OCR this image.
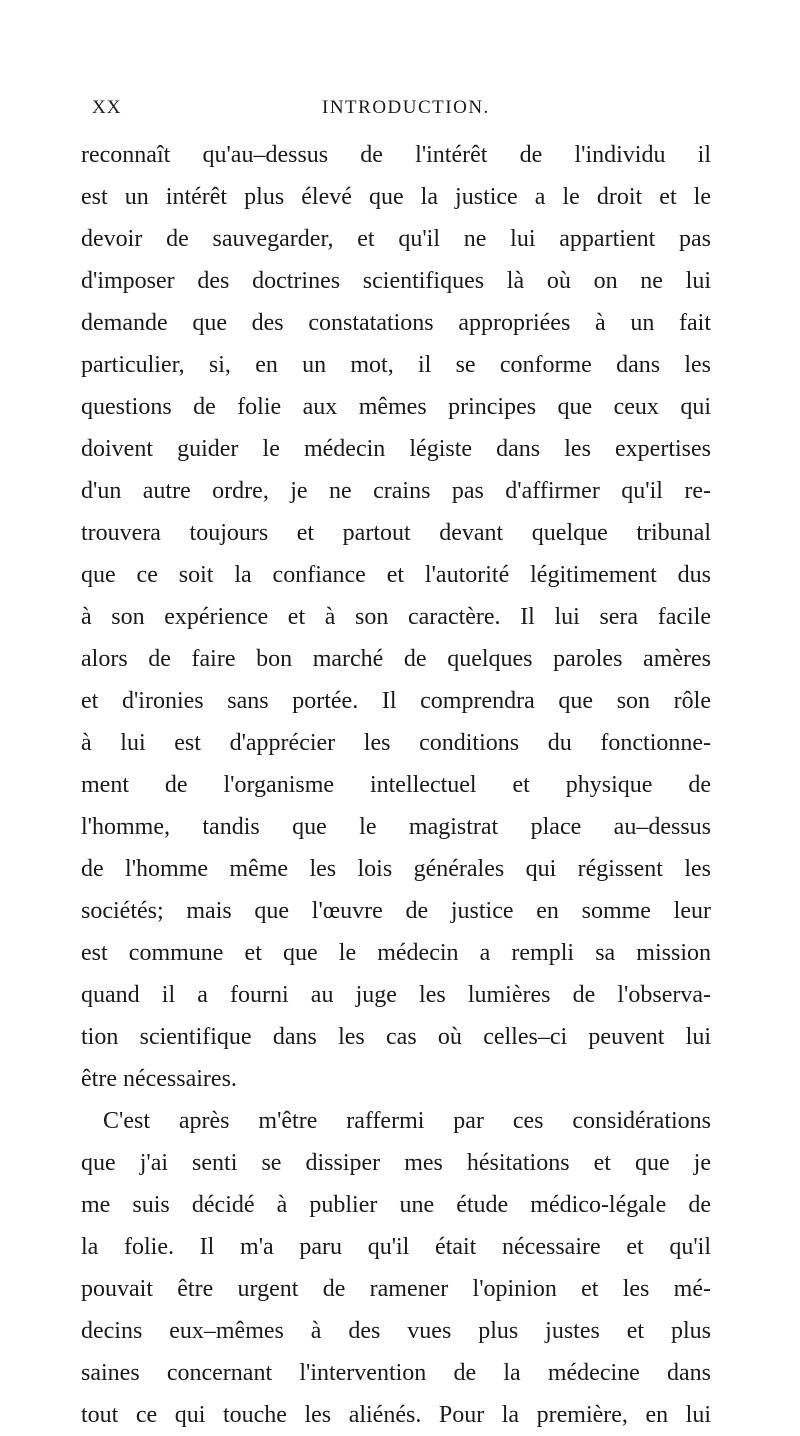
XX	INTRODUCTION.
reconnaît qu'au–dessus de l'intérêt de l'individu il
est un intérêt plus élevé que la justice a le droit et le
devoir de sauvegarder, et qu'il ne lui appartient pas
d'imposer des doctrines scientifiques là où on ne lui
demande que des constatations appropriées à un fait
particulier, si, en un mot, il se conforme dans les
questions de folie aux mêmes principes que ceux qui
doivent guider le médecin légiste dans les expertises
d'un autre ordre, je ne crains pas d'affirmer qu'il re-
trouvera toujours et partout devant quelque tribunal
que ce soit la confiance et l'autorité légitimement dus
à son expérience et à son caractère. Il lui sera facile
alors de faire bon marché de quelques paroles amères
et d'ironies sans portée. Il comprendra que son rôle
à lui est d'apprécier les conditions du fonctionne-
ment de l'organisme intellectuel et physique de
l'homme, tandis que le magistrat place au–dessus
de l'homme même les lois générales qui régissent les
sociétés; mais que l'œuvre de justice en somme leur
est commune et que le médecin a rempli sa mission
quand il a fourni au juge les lumières de l'observa-
tion scientifique dans les cas où celles–ci peuvent lui
être nécessaires.
C'est après m'être raffermi par ces considérations
que j'ai senti se dissiper mes hésitations et que je
me suis décidé à publier une étude médico-légale de
la folie. Il m'a paru qu'il était nécessaire et qu'il
pouvait être urgent de ramener l'opinion et les mé-
decins eux–mêmes à des vues plus justes et plus
saines concernant l'intervention de la médecine dans
tout ce qui touche les aliénés. Pour la première, en lui
